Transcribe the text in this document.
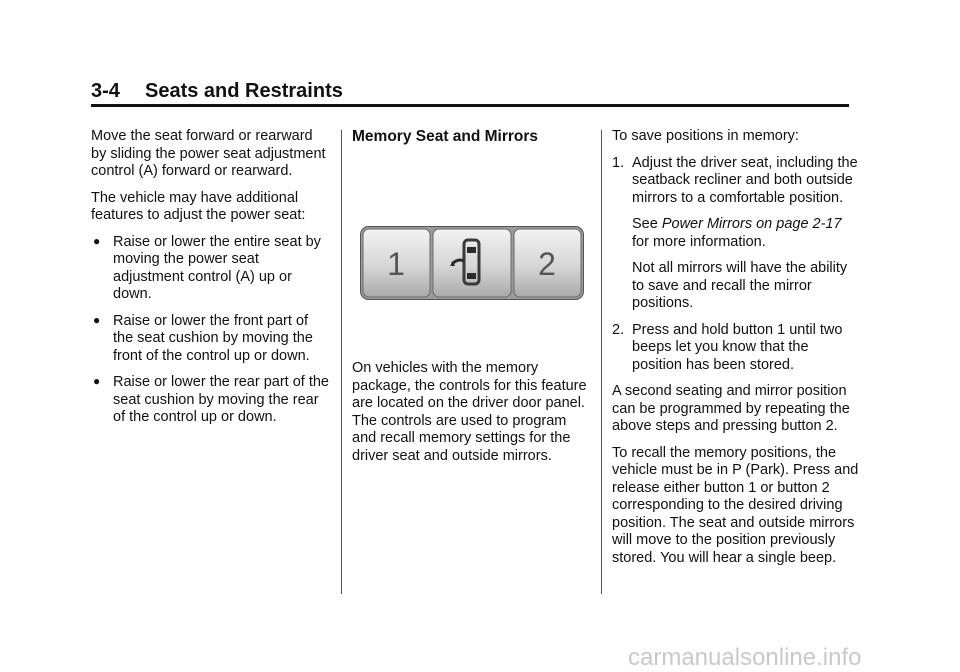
3-4 Seats and Restraints

Move the seat forward or rearward by sliding the power seat adjustment control (A) forward or rearward.

The vehicle may have additional features to adjust the power seat:

● Raise or lower the entire seat by moving the power seat adjustment control (A) up or down.
● Raise or lower the front part of the seat cushion by moving the front of the control up or down.
● Raise or lower the rear part of the seat cushion by moving the rear of the control up or down.
Memory Seat and Mirrors
1	2

On vehicles with the memory package, the controls for this feature are located on the driver door panel. The controls are used to program and recall memory settings for the driver seat and outside mirrors.

To save positions in memory:

1. Adjust the driver seat, including the seatback recliner and both outside mirrors to a comfortable position.

See Power Mirrors on page 2-17 for more information.

Not all mirrors will have the ability to save and recall the mirror positions.

2. Press and hold button 1 until two beeps let you know that the position has been stored.

A second seating and mirror position can be programmed by repeating the above steps and pressing button 2.

To recall the memory positions, the vehicle must be in P (Park). Press and release either button 1 or button 2 corresponding to the desired driving position. The seat and outside mirrors will move to the position previously stored. You will hear a single beep.

carmanualsonline.info
